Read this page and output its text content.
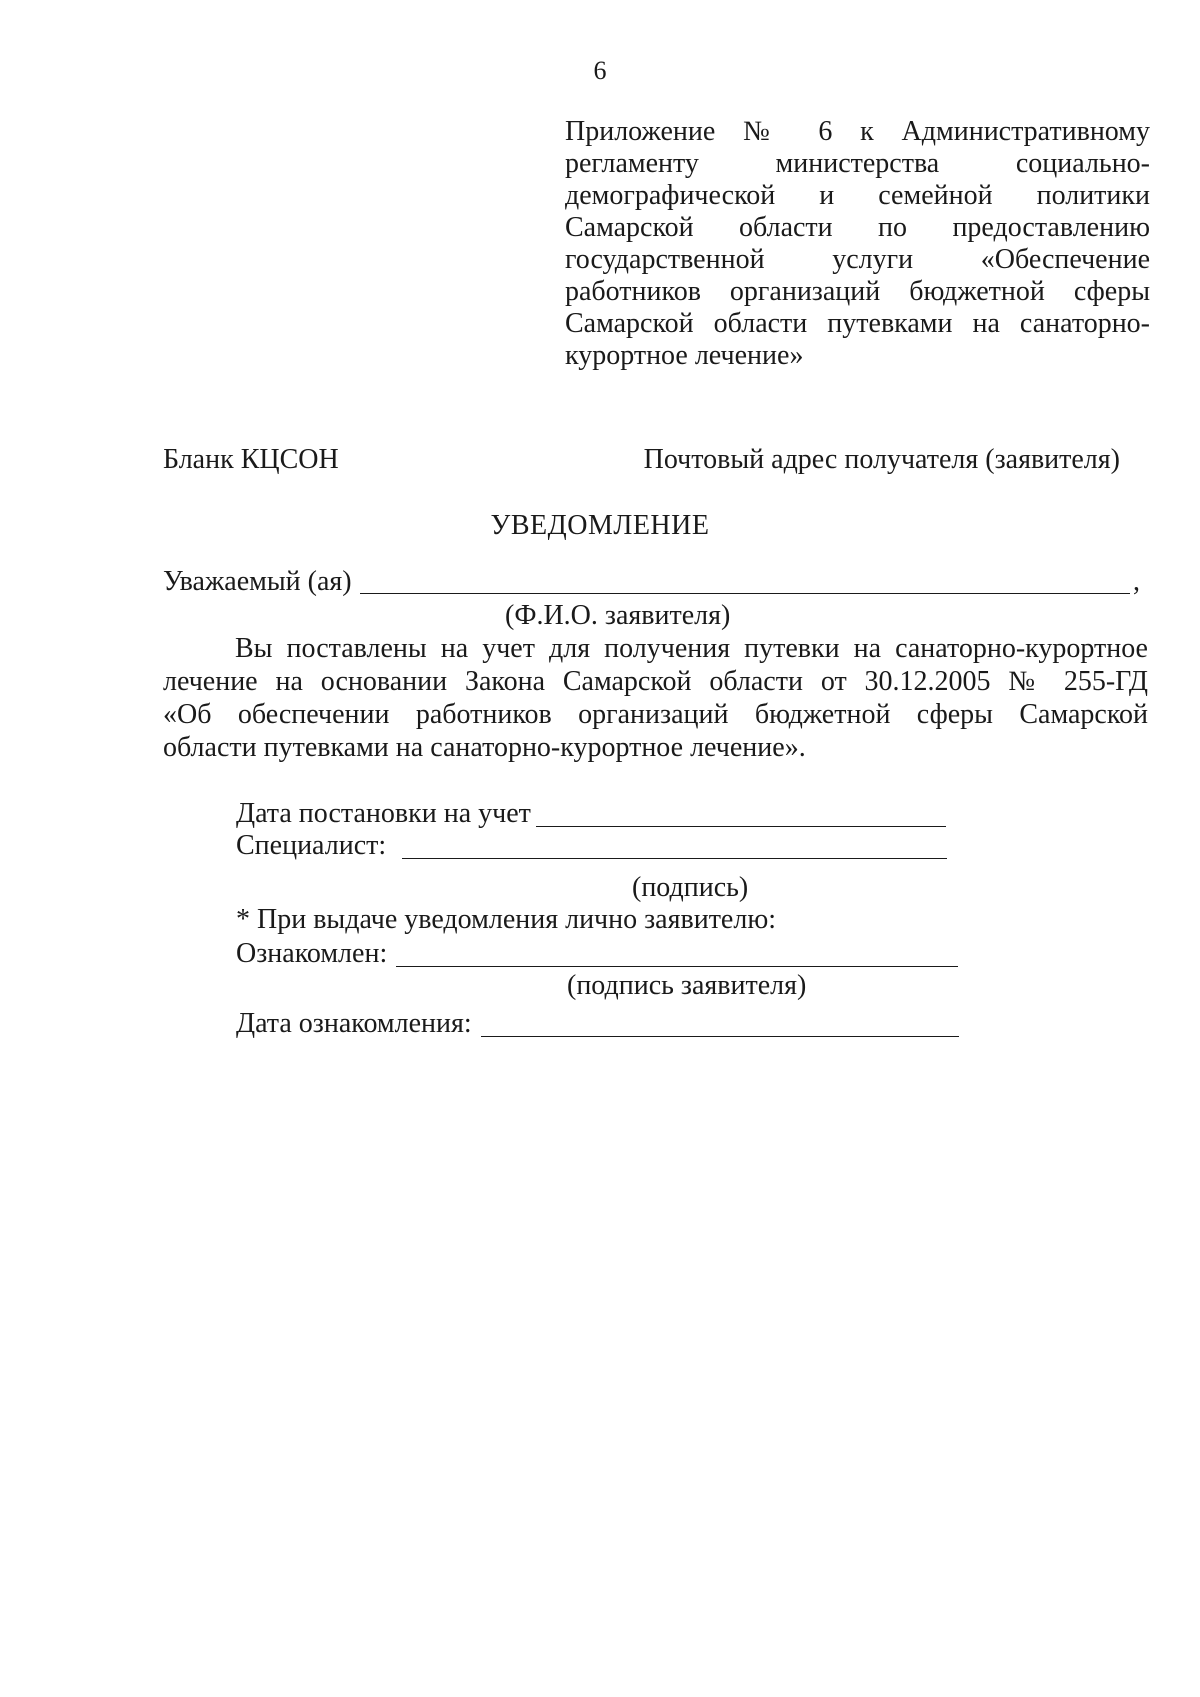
6
Приложение № 6 к Административному
регламенту министерства социально-
демографической и семейной политики
Самарской области по предоставлению
государственной услуги «Обеспечение
работников организаций бюджетной сферы
Самарской области путевками на санаторно-
курортное лечение»
Бланк КЦСОН	Почтовый адрес получателя (заявителя)
УВЕДОМЛЕНИЕ
Уважаемый (ая)	,
(Ф.И.О. заявителя)
Вы поставлены на учет для получения путевки на санаторно-курортное
лечение на основании Закона Самарской области от 30.12.2005 № 255-ГД
«Об обеспечении работников организаций бюджетной сферы Самарской
области путевками на санаторно-курортное лечение».
Дата постановки на учет
Специалист:
(подпись)
* При выдаче уведомления лично заявителю:
Ознакомлен:
(подпись заявителя)
Дата ознакомления:
